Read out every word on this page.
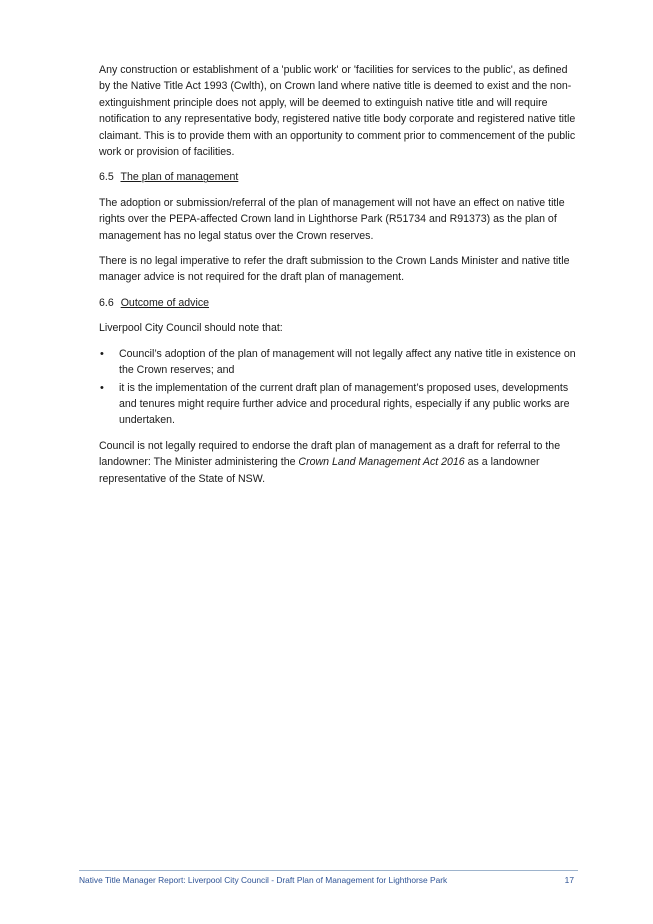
Any construction or establishment of a 'public work' or 'facilities for services to the public', as defined by the Native Title Act 1993 (Cwlth), on Crown land where native title is deemed to exist and the non-extinguishment principle does not apply, will be deemed to extinguish native title and will require notification to any representative body, registered native title body corporate and registered native title claimant. This is to provide them with an opportunity to comment prior to commencement of the public work or provision of facilities.

6.5 The plan of management

The adoption or submission/referral of the plan of management will not have an effect on native title rights over the PEPA-affected Crown land in Lighthorse Park (R51734 and R91373) as the plan of management has no legal status over the Crown reserves.

There is no legal imperative to refer the draft submission to the Crown Lands Minister and native title manager advice is not required for the draft plan of management.

6.6 Outcome of advice

Liverpool City Council should note that:

• Council’s adoption of the plan of management will not legally affect any native title in existence on the Crown reserves; and
• it is the implementation of the current draft plan of management’s proposed uses, developments and tenures might require further advice and procedural rights, especially if any public works are undertaken.

Council is not legally required to endorse the draft plan of management as a draft for referral to the landowner: The Minister administering the Crown Land Management Act 2016 as a landowner representative of the State of NSW.

Native Title Manager Report: Liverpool City Council - Draft Plan of Management for Lighthorse Park	17
